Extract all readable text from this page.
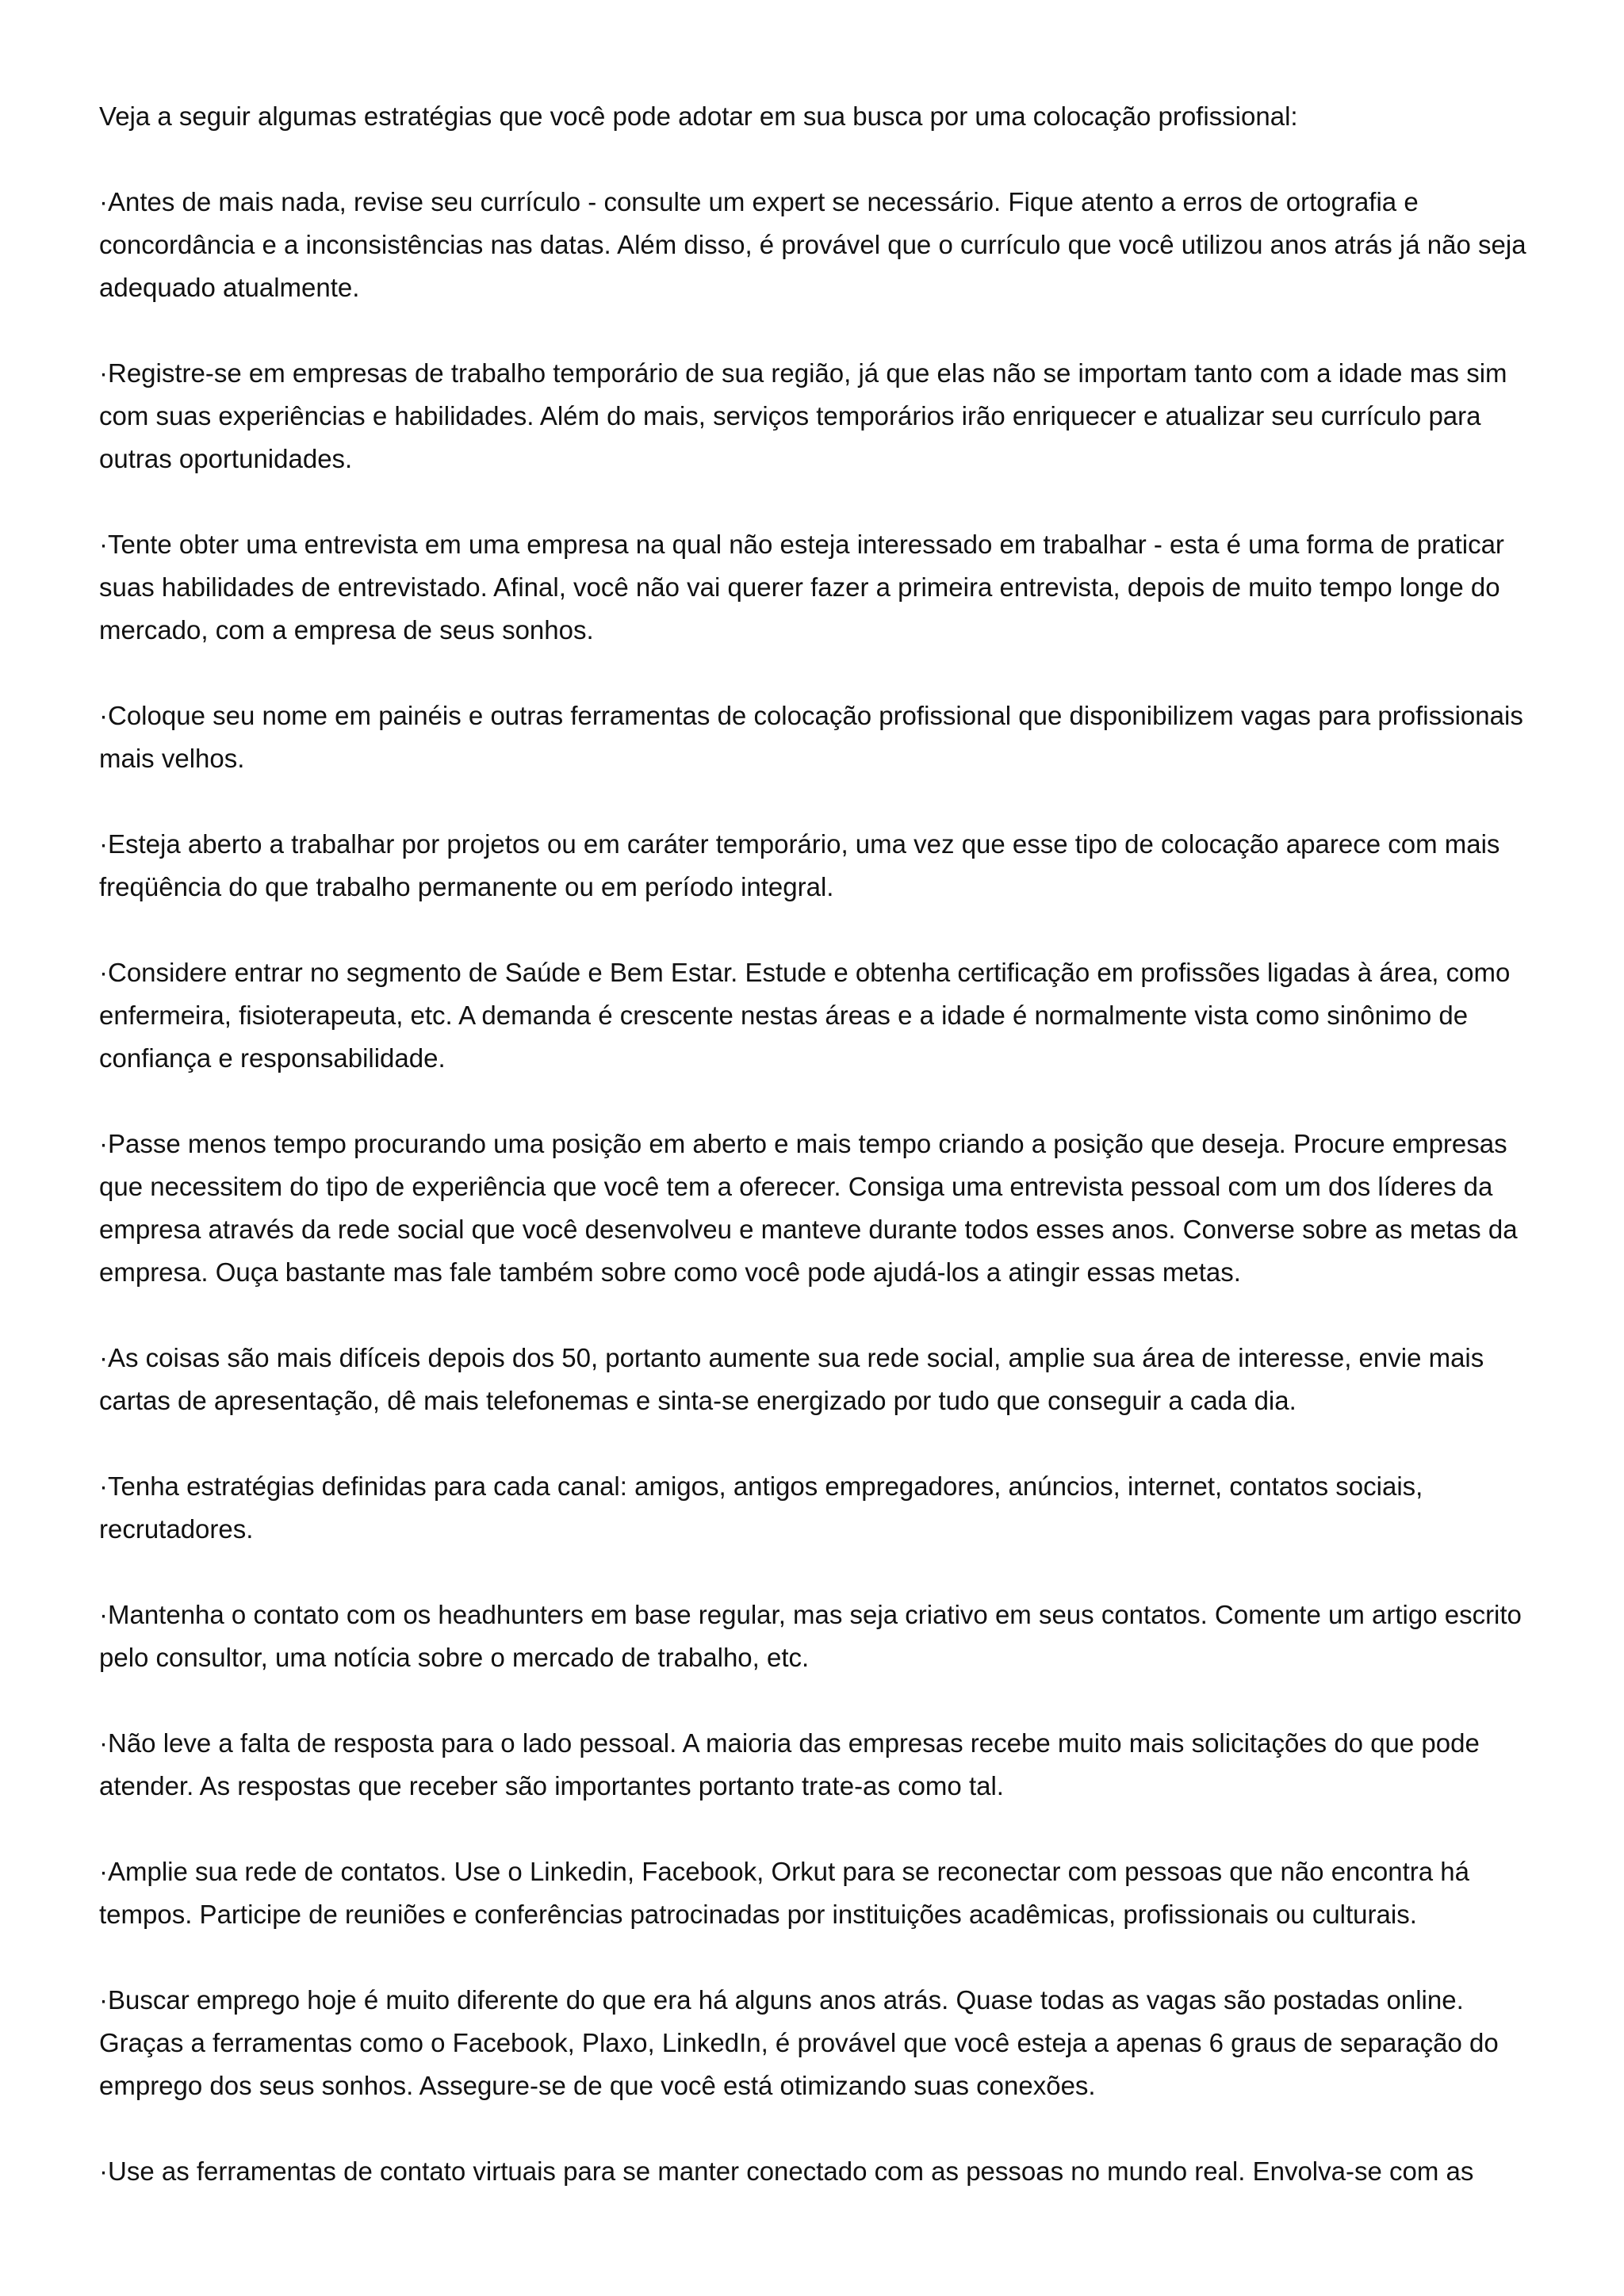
Veja a seguir algumas estratégias que você pode adotar em sua busca por uma colocação profissional:

·Antes de mais nada, revise seu currículo - consulte um expert se necessário. Fique atento a erros de ortografia e concordância e a inconsistências nas datas. Além disso, é provável que o currículo que você utilizou anos atrás já não seja adequado atualmente.

·Registre-se em empresas de trabalho temporário de sua região, já que elas não se importam tanto com a idade mas sim com suas experiências e habilidades. Além do mais, serviços temporários irão enriquecer e atualizar seu currículo para outras oportunidades.

·Tente obter uma entrevista em uma empresa na qual não esteja interessado em trabalhar - esta é uma forma de praticar suas habilidades de entrevistado. Afinal, você não vai querer fazer a primeira entrevista, depois de muito tempo longe do mercado, com a empresa de seus sonhos.

·Coloque seu nome em painéis e outras ferramentas de colocação profissional que disponibilizem vagas para profissionais mais velhos.

·Esteja aberto a trabalhar por projetos ou em caráter temporário, uma vez que esse tipo de colocação aparece com mais freqüência do que trabalho permanente ou em período integral.

·Considere entrar no segmento de Saúde e Bem Estar. Estude e obtenha certificação em profissões ligadas à área, como enfermeira, fisioterapeuta, etc. A demanda é crescente nestas áreas e a idade é normalmente vista como sinônimo de confiança e responsabilidade.

·Passe menos tempo procurando uma posição em aberto e mais tempo criando a posição que deseja. Procure empresas que necessitem do tipo de experiência que você tem a oferecer. Consiga uma entrevista pessoal com um dos líderes da empresa através da rede social que você desenvolveu e manteve durante todos esses anos. Converse sobre as metas da empresa. Ouça bastante mas fale também sobre como você pode ajudá-los a atingir essas metas.

·As coisas são mais difíceis depois dos 50, portanto aumente sua rede social, amplie sua área de interesse, envie mais cartas de apresentação, dê mais telefonemas e sinta-se energizado por tudo que conseguir a cada dia.

·Tenha estratégias definidas para cada canal: amigos, antigos empregadores, anúncios, internet, contatos sociais, recrutadores.

·Mantenha o contato com os headhunters em base regular, mas seja criativo em seus contatos. Comente um artigo escrito pelo consultor, uma notícia sobre o mercado de trabalho, etc.

·Não leve a falta de resposta para o lado pessoal. A maioria das empresas recebe muito mais solicitações do que pode atender. As respostas que receber são importantes portanto trate-as como tal.

·Amplie sua rede de contatos. Use o Linkedin, Facebook, Orkut para se reconectar com pessoas que não encontra há tempos. Participe de reuniões e conferências patrocinadas por instituições acadêmicas, profissionais ou culturais.

·Buscar emprego hoje é muito diferente do que era há alguns anos atrás. Quase todas as vagas são postadas online. Graças a ferramentas como o Facebook, Plaxo, LinkedIn, é provável que você esteja a apenas 6 graus de separação do emprego dos seus sonhos. Assegure-se de que você está otimizando suas conexões.

·Use as ferramentas de contato virtuais para se manter conectado com as pessoas no mundo real. Envolva-se com as
